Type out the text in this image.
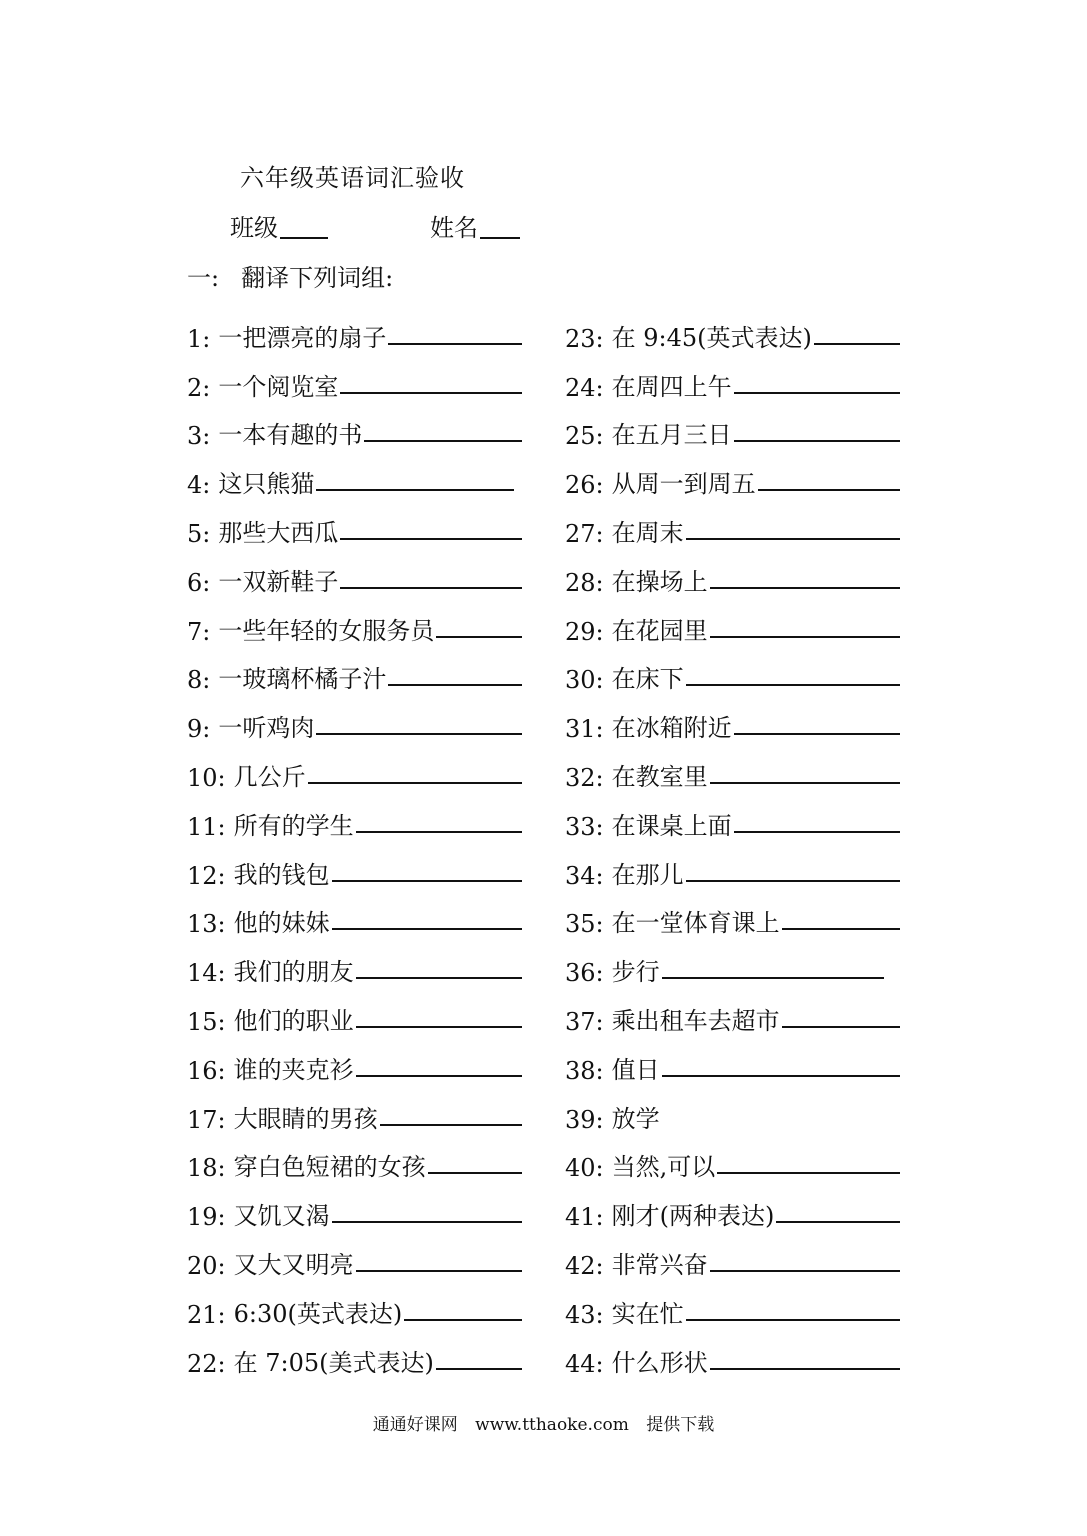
六年级英语词汇验收
班级	姓名
一: 翻译下列词组:
1: 一把漂亮的扇子
2: 一个阅览室
3: 一本有趣的书
4: 这只熊猫
5: 那些大西瓜
6: 一双新鞋子
7: 一些年轻的女服务员
8: 一玻璃杯橘子汁
9: 一听鸡肉
10: 几公斤
11: 所有的学生
12: 我的钱包
13: 他的妹妹
14: 我们的朋友
15: 他们的职业
16: 谁的夹克衫
17: 大眼睛的男孩
18: 穿白色短裙的女孩
19: 又饥又渴
20: 又大又明亮
21: 6:30(英式表达)
22: 在 7:05(美式表达)
23: 在 9:45(英式表达)
24: 在周四上午
25: 在五月三日
26: 从周一到周五
27: 在周末
28: 在操场上
29: 在花园里
30: 在床下
31: 在冰箱附近
32: 在教室里
33: 在课桌上面
34: 在那儿
35: 在一堂体育课上
36: 步行
37: 乘出租车去超市
38: 值日
39: 放学
40: 当然,可以
41: 刚才(两种表达)
42: 非常兴奋
43: 实在忙
44: 什么形状
通通好课网 www.tthaoke.com 提供下载
